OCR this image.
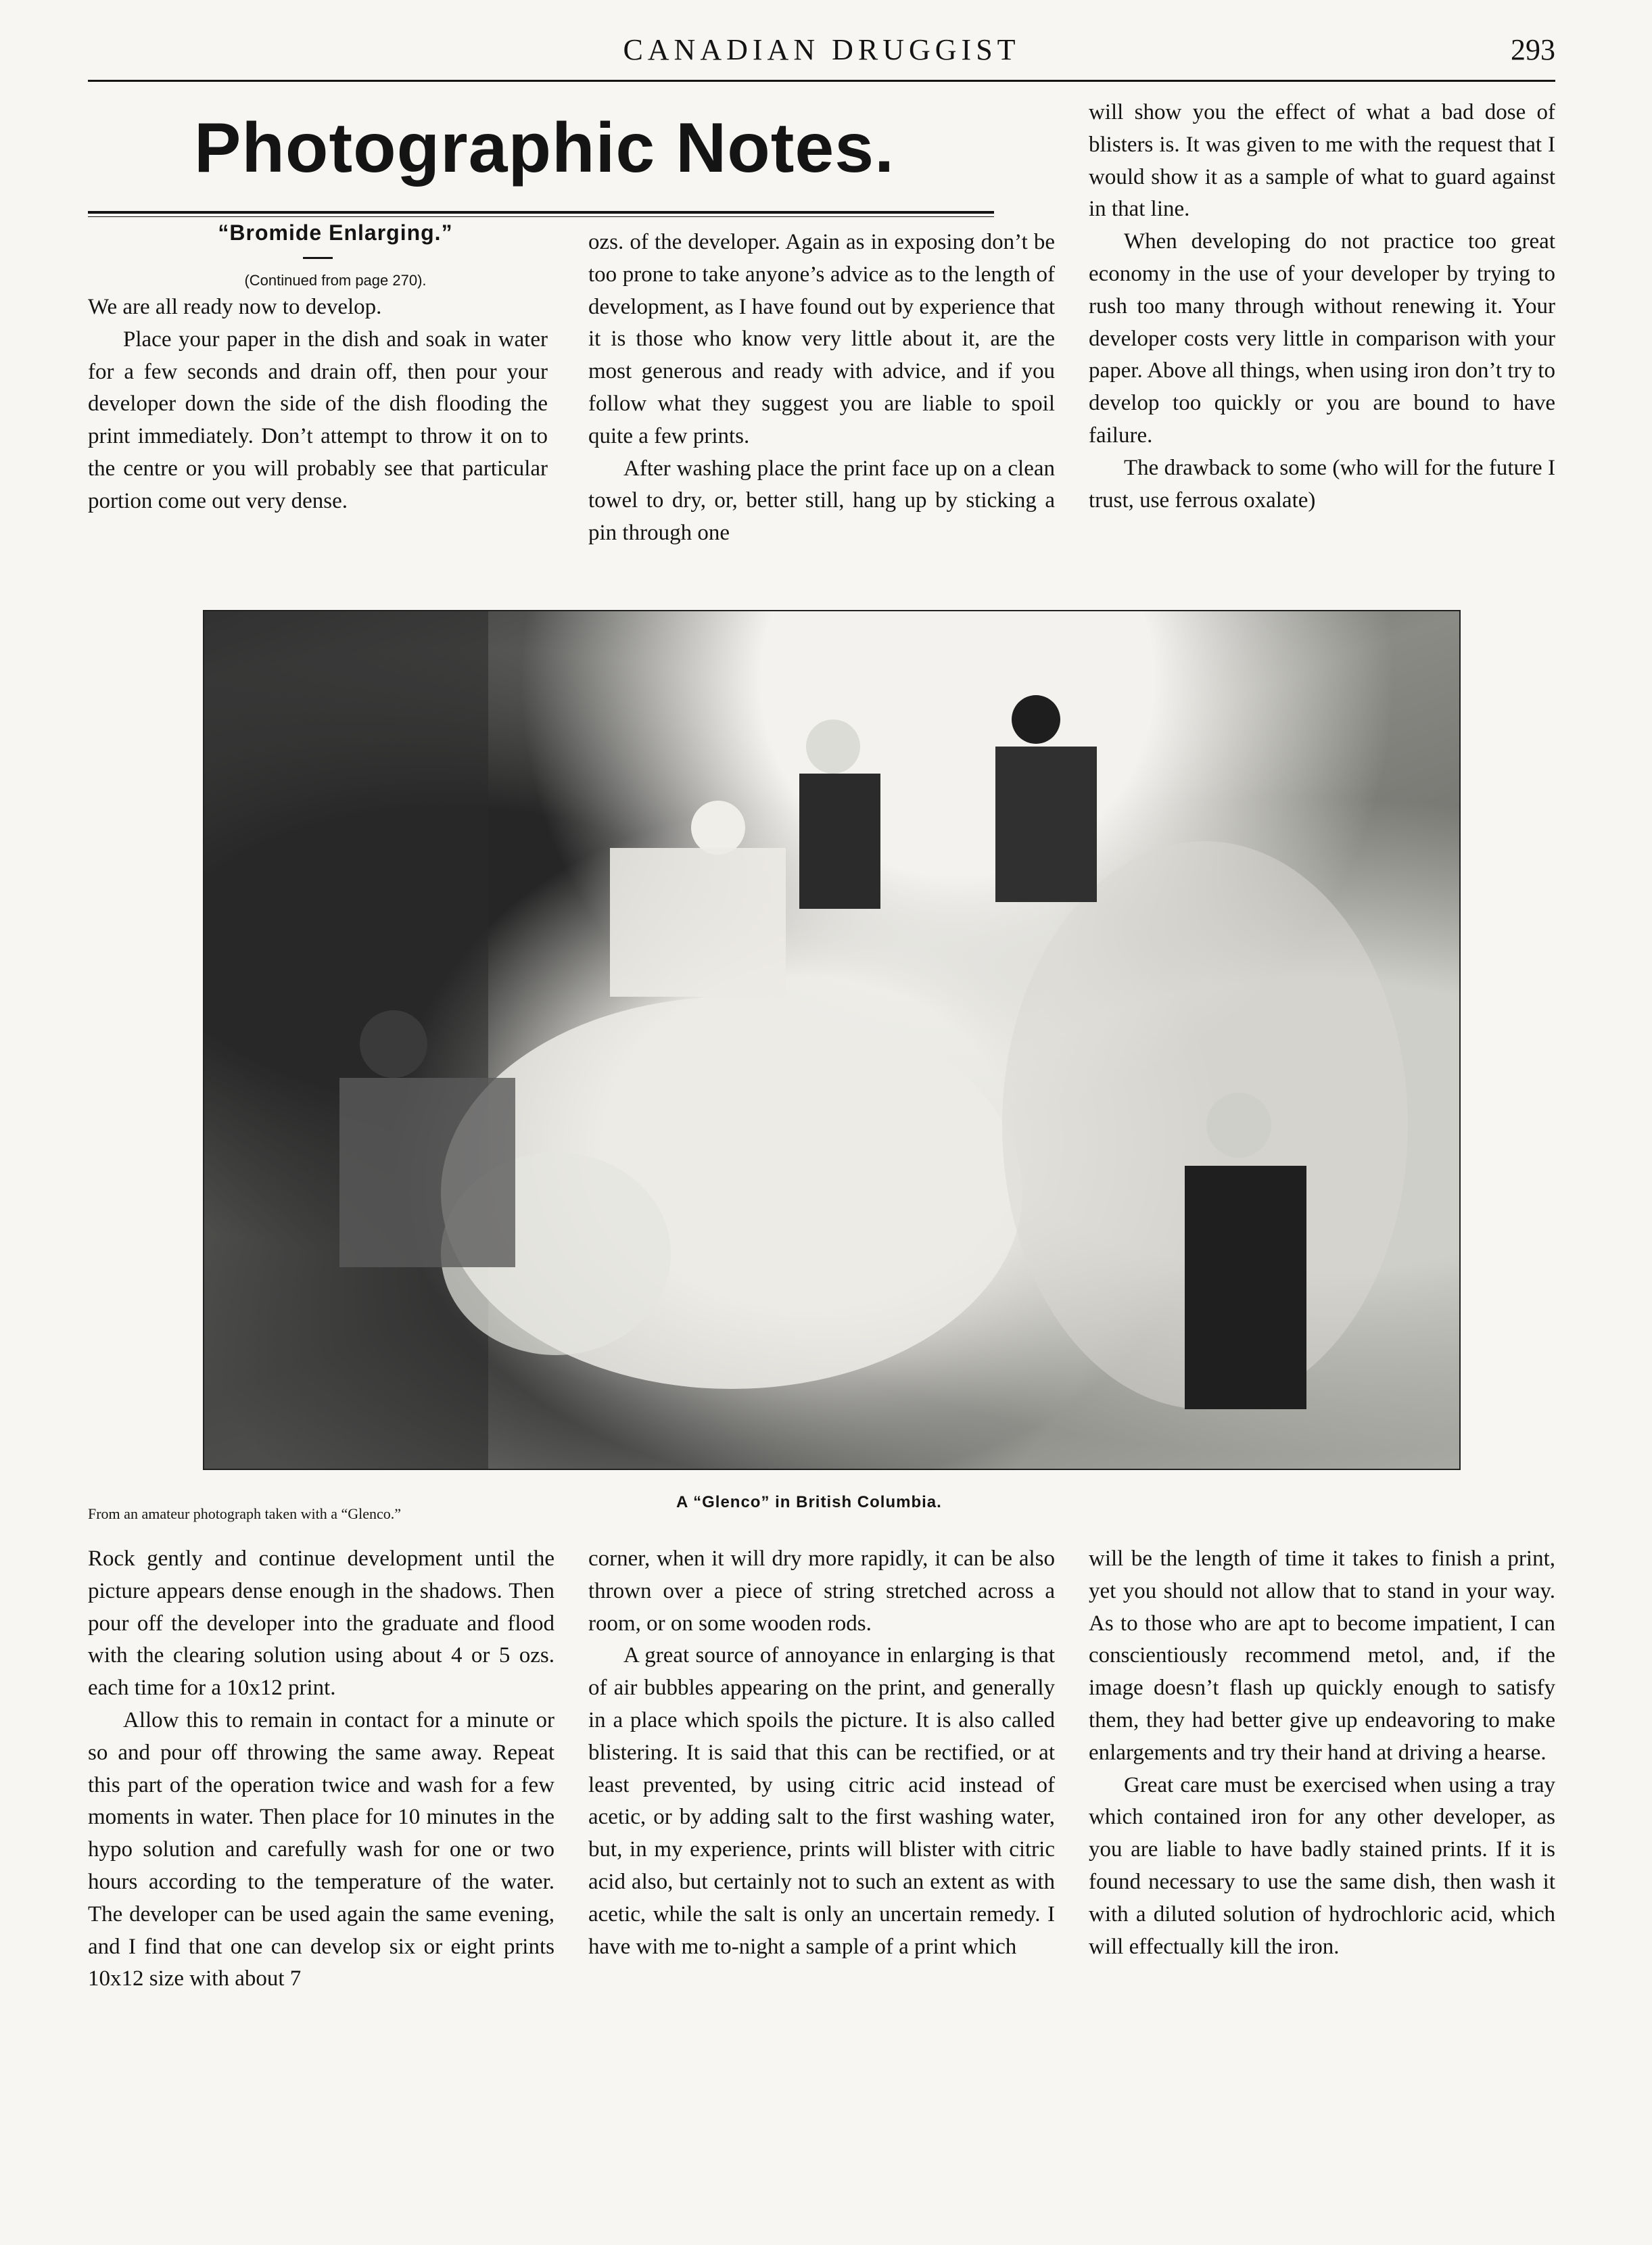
CANADIAN DRUGGIST	293
Photographic Notes.

“Bromide Enlarging.”

(Continued from page 270).

We are all ready now to develop.

Place your paper in the dish and soak in water for a few seconds and drain off, then pour your developer down the side of the dish flooding the print immediately. Don’t attempt to throw it on to the centre or you will probably see that particular portion come out very dense.

ozs. of the developer. Again as in exposing don’t be too prone to take anyone’s advice as to the length of development, as I have found out by experience that it is those who know very little about it, are the most generous and ready with advice, and if you follow what they suggest you are liable to spoil quite a few prints.

After washing place the print face up on a clean towel to dry, or, better still, hang up by sticking a pin through one

will show you the effect of what a bad dose of blisters is. It was given to me with the request that I would show it as a sample of what to guard against in that line.

When developing do not practice too great economy in the use of your developer by trying to rush too many through without renewing it. Your developer costs very little in comparison with your paper. Above all things, when using iron don’t try to develop too quickly or you are bound to have failure.

The drawback to some (who will for the future I trust, use ferrous oxalate)

A “Glenco” in British Columbia.
From an amateur photograph taken with a “Glenco.”

Rock gently and continue development until the picture appears dense enough in the shadows. Then pour off the developer into the graduate and flood with the clearing solution using about 4 or 5 ozs. each time for a 10x12 print.

Allow this to remain in contact for a minute or so and pour off throwing the same away. Repeat this part of the operation twice and wash for a few moments in water. Then place for 10 minutes in the hypo solution and carefully wash for one or two hours according to the temperature of the water. The developer can be used again the same evening, and I find that one can develop six or eight prints 10x12 size with about 7

corner, when it will dry more rapidly, it can be also thrown over a piece of string stretched across a room, or on some wooden rods.

A great source of annoyance in enlarging is that of air bubbles appearing on the print, and generally in a place which spoils the picture. It is also called blistering. It is said that this can be rectified, or at least prevented, by using citric acid instead of acetic, or by adding salt to the first washing water, but, in my experience, prints will blister with citric acid also, but certainly not to such an extent as with acetic, while the salt is only an uncertain remedy. I have with me to-night a sample of a print which

will be the length of time it takes to finish a print, yet you should not allow that to stand in your way. As to those who are apt to become impatient, I can conscientiously recommend metol, and, if the image doesn’t flash up quickly enough to satisfy them, they had better give up endeavoring to make enlargements and try their hand at driving a hearse.

Great care must be exercised when using a tray which contained iron for any other developer, as you are liable to have badly stained prints. If it is found necessary to use the same dish, then wash it with a diluted solution of hydrochloric acid, which will effectually kill the iron.
